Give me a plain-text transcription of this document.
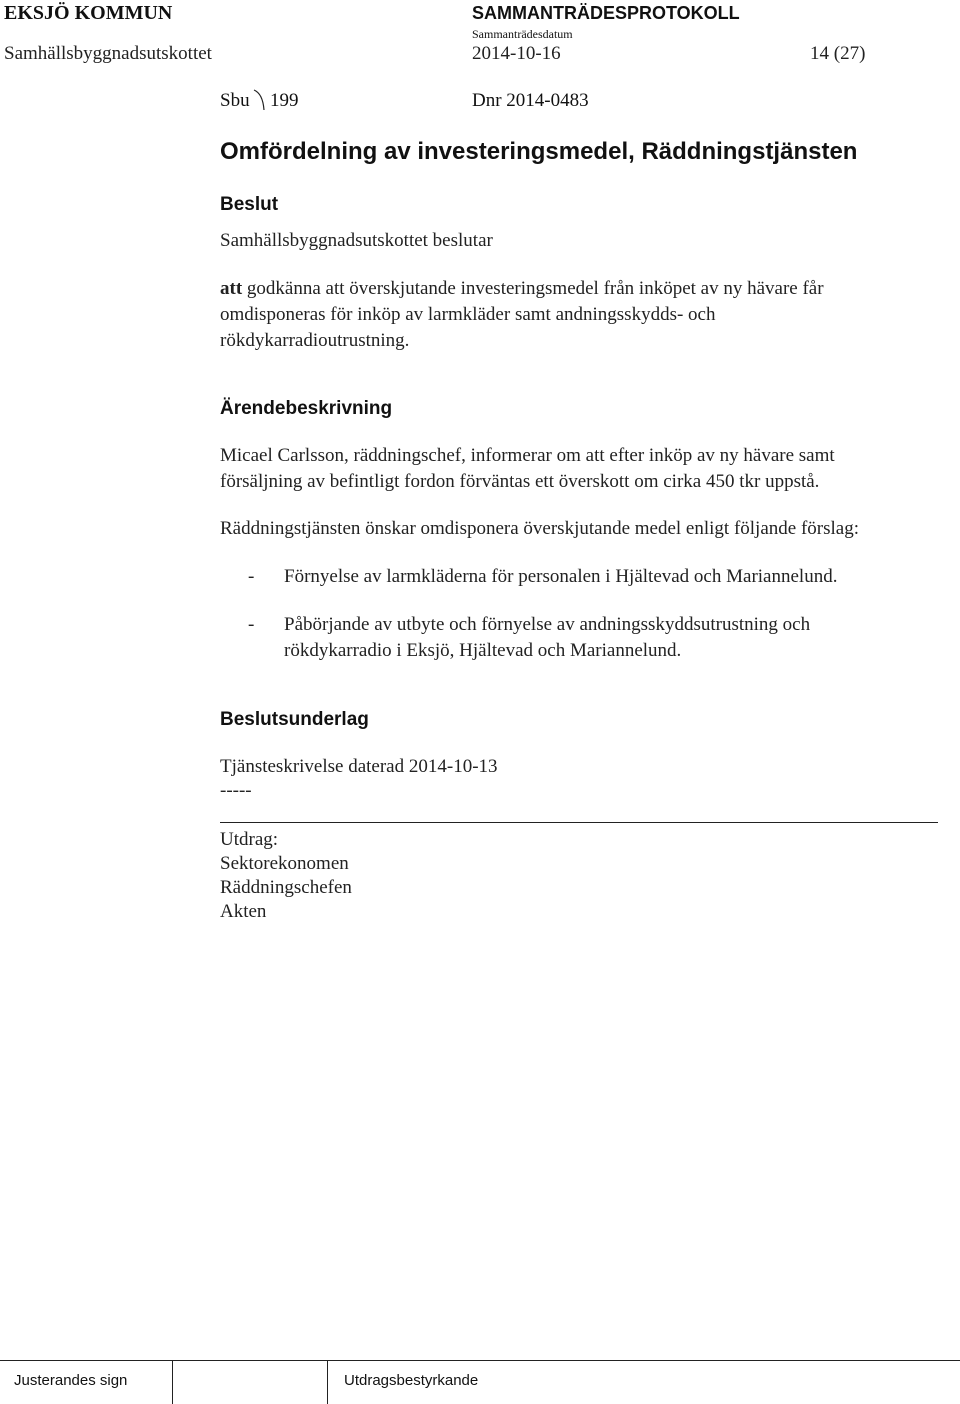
EKSJÖ KOMMUN	SAMMANTRÄDESPROTOKOLL
Sammanträdesdatum
Samhällsbyggnadsutskottet	2014-10-16	14 (27)
Sbu 199	Dnr 2014-0483
Omfördelning av investeringsmedel, Räddningstjänsten
Beslut
Samhällsbyggnadsutskottet beslutar
att godkänna att överskjutande investeringsmedel från inköpet av ny hävare får
omdisponeras för inköp av larmkläder samt andningsskydds- och
rökdykarradioutrustning.
Ärendebeskrivning
Micael Carlsson, räddningschef, informerar om att efter inköp av ny hävare samt
försäljning av befintligt fordon förväntas ett överskott om cirka 450 tkr uppstå.
Räddningstjänsten önskar omdisponera överskjutande medel enligt följande förslag:
- Förnyelse av larmkläderna för personalen i Hjältevad och Mariannelund.
- Påbörjande av utbyte och förnyelse av andningsskyddsutrustning och
rökdykarradio i Eksjö, Hjältevad och Mariannelund.
Beslutsunderlag
Tjänsteskrivelse daterad 2014-10-13
-----
Utdrag:
Sektorekonomen
Räddningschefen
Akten
Justerandes sign	Utdragsbestyrkande
